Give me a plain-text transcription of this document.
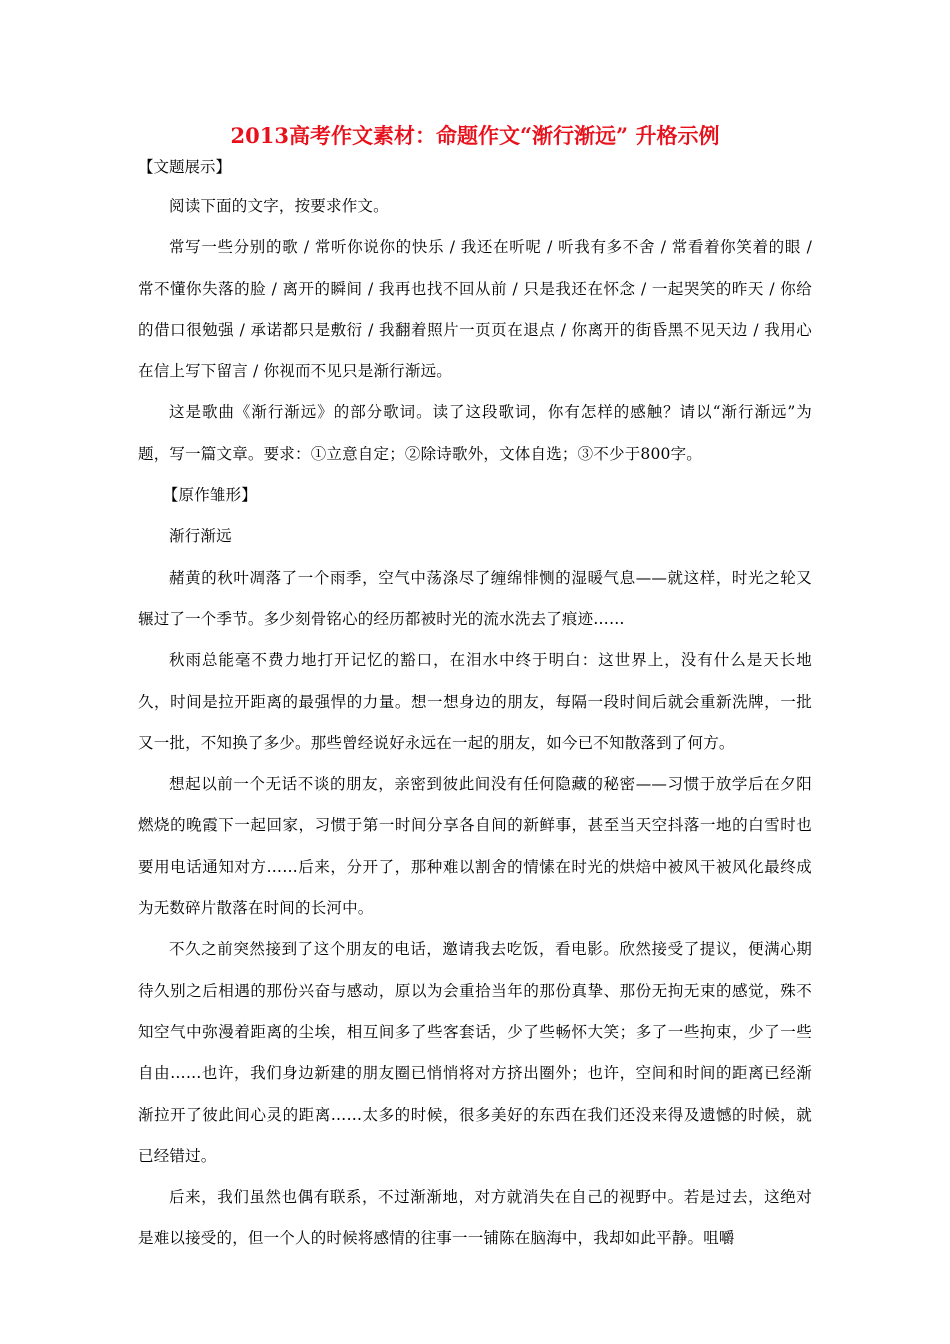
2013高考作文素材：命题作文“渐行渐远” 升格示例

【文题展示】

阅读下面的文字，按要求作文。

常写一些分别的歌 / 常听你说你的快乐 / 我还在听呢 / 听我有多不舍 / 常看着你笑着的眼 / 常不懂你失落的脸 / 离开的瞬间 / 我再也找不回从前 / 只是我还在怀念 / 一起哭笑的昨天 / 你给的借口很勉强 / 承诺都只是敷衍 / 我翻着照片一页页在退点 / 你离开的街昏黑不见天边 / 我用心在信上写下留言 / 你视而不见只是渐行渐远。

这是歌曲《渐行渐远》的部分歌词。读了这段歌词，你有怎样的感触？请以“渐行渐远”为题，写一篇文章。要求：①立意自定；②除诗歌外，文体自选；③不少于800字。

【原作雏形】

渐行渐远

赭黄的秋叶凋落了一个雨季，空气中荡涤尽了缠绵悱恻的湿暖气息——就这样，时光之轮又辗过了一个季节。多少刻骨铭心的经历都被时光的流水洗去了痕迹……

秋雨总能毫不费力地打开记忆的豁口，在泪水中终于明白：这世界上，没有什么是天长地久，时间是拉开距离的最强悍的力量。想一想身边的朋友，每隔一段时间后就会重新洗牌，一批又一批，不知换了多少。那些曾经说好永远在一起的朋友，如今已不知散落到了何方。

想起以前一个无话不谈的朋友，亲密到彼此间没有任何隐藏的秘密——习惯于放学后在夕阳燃烧的晚霞下一起回家，习惯于第一时间分享各自间的新鲜事，甚至当天空抖落一地的白雪时也要用电话通知对方……后来，分开了，那种难以割舍的情愫在时光的烘焙中被风干被风化最终成为无数碎片散落在时间的长河中。

不久之前突然接到了这个朋友的电话，邀请我去吃饭，看电影。欣然接受了提议，便满心期待久别之后相遇的那份兴奋与感动，原以为会重拾当年的那份真挚、那份无拘无束的感觉，殊不知空气中弥漫着距离的尘埃，相互间多了些客套话，少了些畅怀大笑；多了一些拘束，少了一些自由……也许，我们身边新建的朋友圈已悄悄将对方挤出圈外；也许，空间和时间的距离已经渐渐拉开了彼此间心灵的距离……太多的时候，很多美好的东西在我们还没来得及遗憾的时候，就已经错过。

后来，我们虽然也偶有联系，不过渐渐地，对方就消失在自己的视野中。若是过去，这绝对是难以接受的，但一个人的时候将感情的往事一一铺陈在脑海中，我却如此平静。咀嚼
